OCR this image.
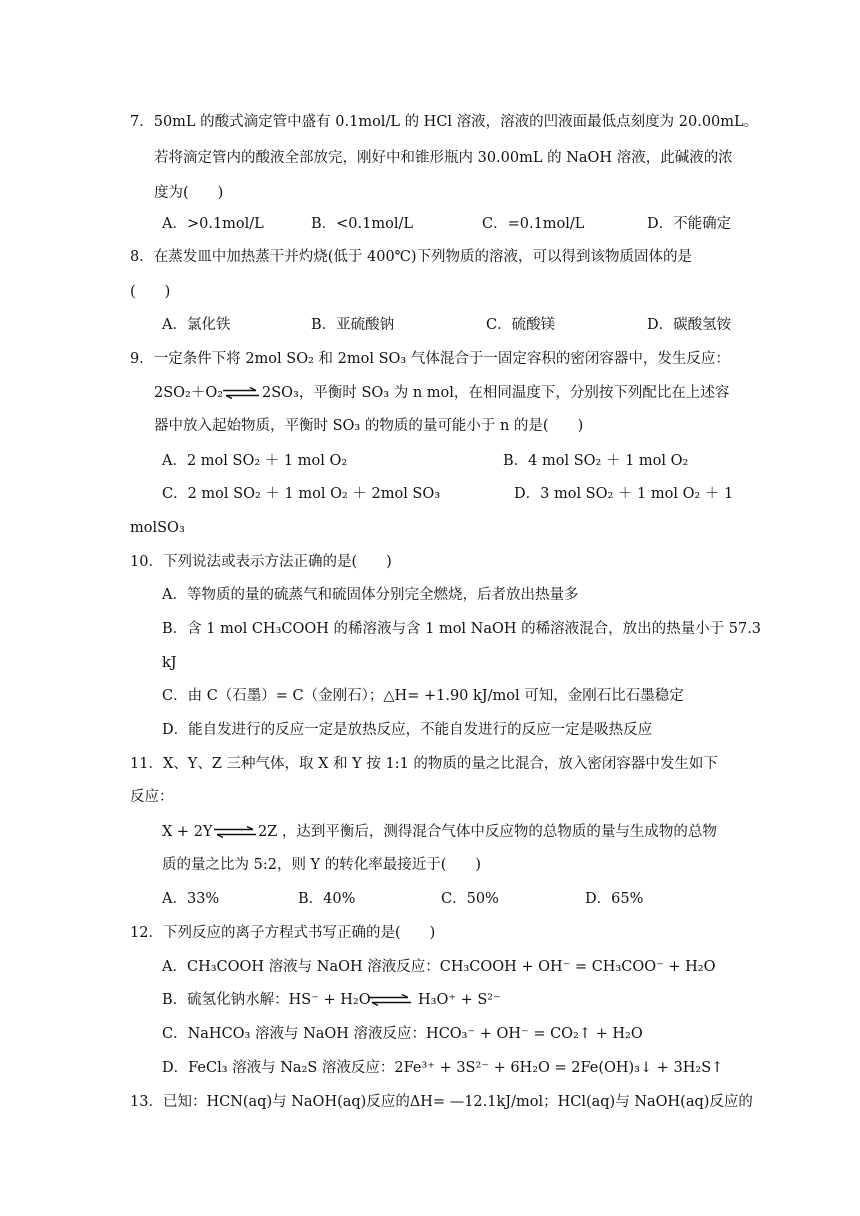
7．50mL 的酸式滴定管中盛有 0.1mol/L 的 HCl 溶液，溶液的凹液面最低点刻度为 20.00mL。
若将滴定管内的酸液全部放完，刚好中和锥形瓶内 30.00mL 的 NaOH 溶液，此碱液的浓
度为(　　)
A．>0.1mol/L	B．<0.1mol/L	C．=0.1mol/L	D．不能确定
8．在蒸发皿中加热蒸干并灼烧(低于 400℃)下列物质的溶液，可以得到该物质固体的是
(　　)
A．氯化铁	B．亚硫酸钠	C．硫酸镁	D．碳酸氢铵
9．一定条件下将 2mol SO₂ 和 2mol SO₃ 气体混合于一固定容积的密闭容器中，发生反应：
2SO₂＋O₂ ⇌ 2SO₃，平衡时 SO₃ 为 n mol，在相同温度下，分别按下列配比在上述容
器中放入起始物质，平衡时 SO₃ 的物质的量可能小于 n 的是(　　)
A．2 mol SO₂ ＋ 1 mol O₂	B．4 mol SO₂ ＋ 1 mol O₂
C．2 mol SO₂ ＋ 1 mol O₂ ＋ 2mol SO₃	D．3 mol SO₂ ＋ 1 mol O₂ ＋ 1
molSO₃
10．下列说法或表示方法正确的是(　　)
A．等物质的量的硫蒸气和硫固体分别完全燃烧，后者放出热量多
B．含 1 mol CH₃COOH 的稀溶液与含 1 mol NaOH 的稀溶液混合，放出的热量小于 57.3
kJ
C．由 C（石墨）= C（金刚石）；△H= +1.90 kJ/mol 可知，金刚石比石墨稳定
D．能自发进行的反应一定是放热反应，不能自发进行的反应一定是吸热反应
11．X、Y、Z 三种气体，取 X 和 Y 按 1:1 的物质的量之比混合，放入密闭容器中发生如下
反应：
X + 2Y ⇌ 2Z ，达到平衡后，测得混合气体中反应物的总物质的量与生成物的总物
质的量之比为 5:2，则 Y 的转化率最接近于(　　)
A．33%	B．40%	C．50%	D．65%
12．下列反应的离子方程式书写正确的是(　　)
A．CH₃COOH 溶液与 NaOH 溶液反应：CH₃COOH + OH⁻ = CH₃COO⁻ + H₂O
B．硫氢化钠水解：HS⁻ + H₂O ⇌ H₃O⁺ + S²⁻
C．NaHCO₃ 溶液与 NaOH 溶液反应：HCO₃⁻ + OH⁻ = CO₂↑ + H₂O
D．FeCl₃ 溶液与 Na₂S 溶液反应：2Fe³⁺ + 3S²⁻ + 6H₂O = 2Fe(OH)₃↓ + 3H₂S↑
13．已知：HCN(aq)与 NaOH(aq)反应的ΔH= —12.1kJ/mol；HCl(aq)与 NaOH(aq)反应的
